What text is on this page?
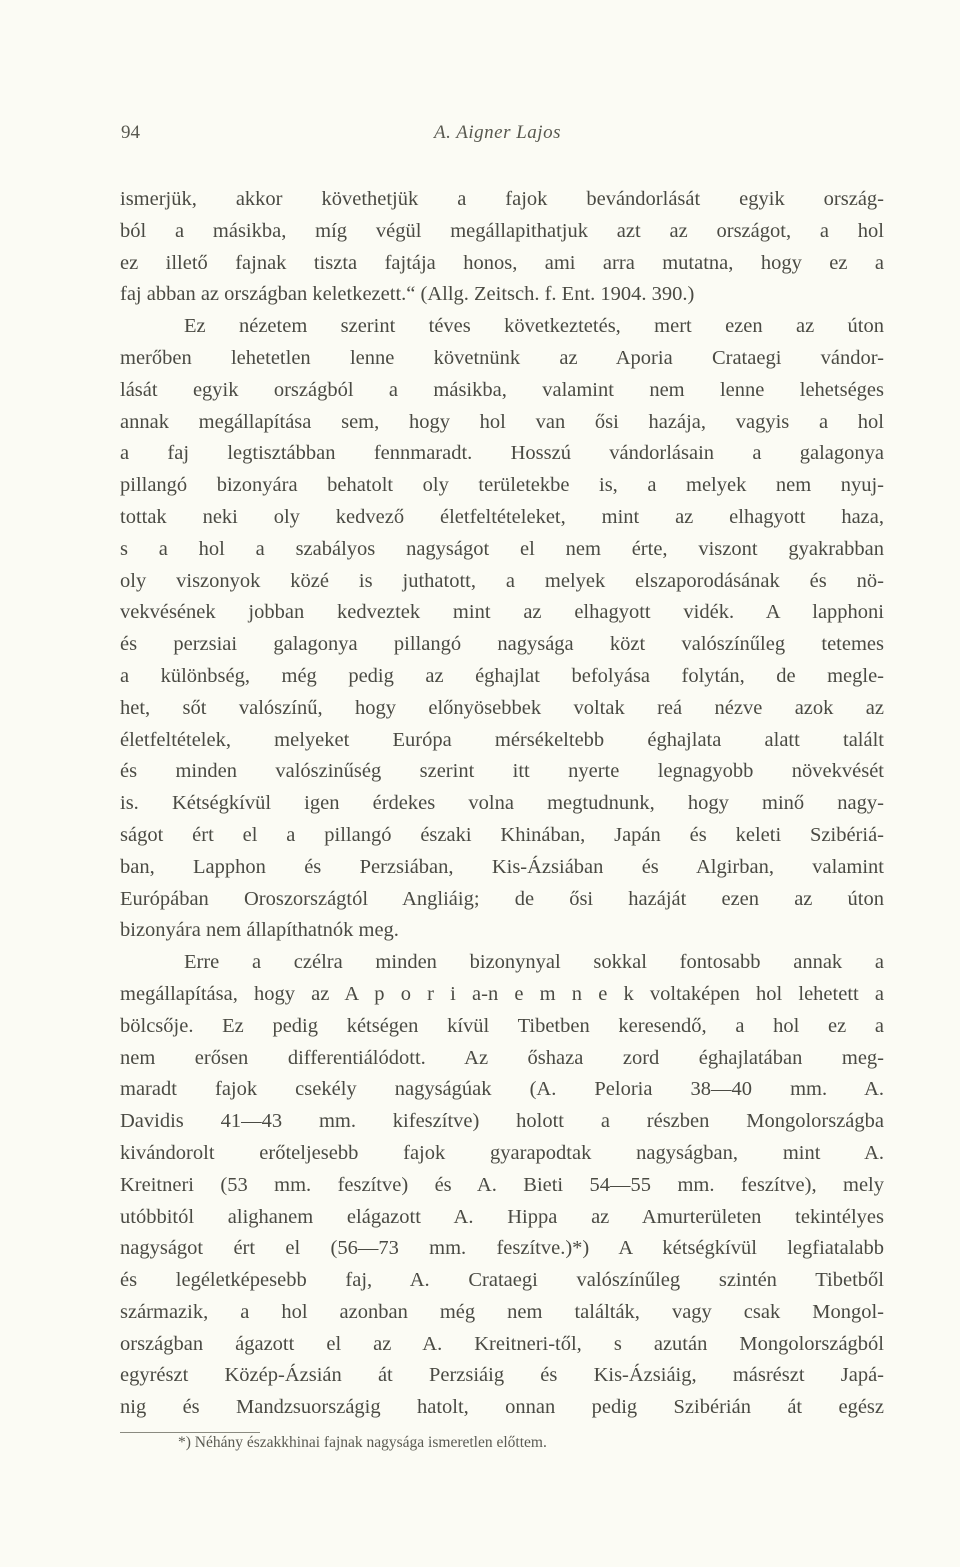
94	A. Aigner Lajos
ismerjük, akkor követhetjük a fajok bevándorlását egyik ország-
ból a másikba, míg végül megállapithatjuk azt az országot, a hol
ez illető fajnak tiszta fajtája honos, ami arra mutatna, hogy ez a
faj abban az országban keletkezett.“ (Allg. Zeitsch. f. Ent. 1904. 390.)
Ez nézetem szerint téves következtetés, mert ezen az úton
merőben lehetetlen lenne követnünk az Aporia Crataegi vándor-
lását egyik országból a másikba, valamint nem lenne lehetséges
annak megállapítása sem, hogy hol van ősi hazája, vagyis a hol
a faj legtisztábban fennmaradt. Hosszú vándorlásain a galagonya
pillangó bizonyára behatolt oly területekbe is, a melyek nem nyuj-
tottak neki oly kedvező életfeltételeket, mint az elhagyott haza,
s a hol a szabályos nagyságot el nem érte, viszont gyakrabban
oly viszonyok közé is juthatott, a melyek elszaporodásának és nö-
vekvésének jobban kedveztek mint az elhagyott vidék. A lapphoni
és perzsiai galagonya pillangó nagysága közt valószínűleg tetemes
a különbség, még pedig az éghajlat befolyása folytán, de megle-
het, sőt valószínű, hogy előnyösebbek voltak reá nézve azok az
életfeltételek, melyeket Európa mérsékeltebb éghajlata alatt talált
és minden valószinűség szerint itt nyerte legnagyobb növekvését
is. Kétségkívül igen érdekes volna megtudnunk, hogy minő nagy-
ságot ért el a pillangó északi Khinában, Japán és keleti Szibériá-
ban, Lapphon és Perzsiában, Kis-Ázsiában és Algirban, valamint
Európában Oroszországtól Angliáig; de ősi hazáját ezen az úton
bizonyára nem állapíthatnók meg.
Erre a czélra minden bizonynyal sokkal fontosabb annak a
megállapítása, hogy az A p o r i a-n e m n e k voltaképen hol lehetett a
bölcsője. Ez pedig kétségen kívül Tibetben keresendő, a hol ez a
nem erősen differentiálódott. Az őshaza zord éghajlatában meg-
maradt fajok csekély nagyságúak (A. Peloria 38—40 mm. A.
Davidis 41—43 mm. kifeszítve) holott a részben Mongolországba
kivándorolt erőteljesebb fajok gyarapodtak nagyságban, mint A.
Kreitneri (53 mm. feszítve) és A. Bieti 54—55 mm. feszítve), mely
utóbbitól alighanem elágazott A. Hippa az Amurterületen tekintélyes
nagyságot ért el (56—73 mm. feszítve.)*) A kétségkívül legfiatalabb
és legéletképesebb faj, A. Crataegi valószínűleg szintén Tibetből
származik, a hol azonban még nem találták, vagy csak Mongol-
országban ágazott el az A. Kreitneri-től, s azután Mongolországból
egyrészt Közép-Ázsián át Perzsiáig és Kis-Ázsiáig, másrészt Japá-
nig és Mandzsuországig hatolt, onnan pedig Szibérián át egész
*) Néhány északkhinai fajnak nagysága ismeretlen előttem.
